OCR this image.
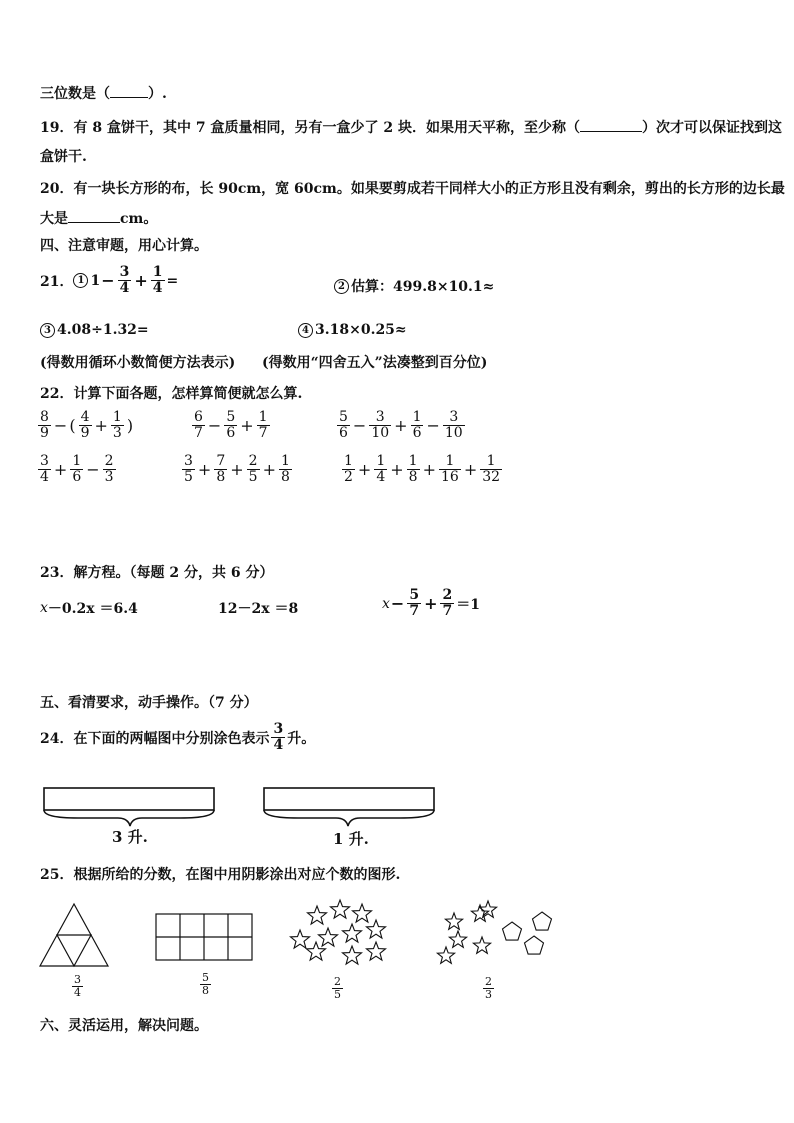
三位数是（	）.
19．有 8 盒饼干，其中 7 盒质量相同，另有一盒少了 2 块．如果用天平称，至少称（	）次才可以保证找到这
盒饼干.
20．有一块长方形的布，长 90cm，宽 60cm。如果要剪成若干同样大小的正方形且没有剩余，剪出的长方形的边长最
大是	cm。
四、注意审题，用心计算。
21． 1 $1 - \frac{3}{4} + \frac{1}{4}$ =	2 估算：499.8×10.1≈
3 4.08÷1.32=	4 3.18×0.25≈
(得数用循环小数简便方法表示) (得数用“四舍五入”法凑整到百分位)
22．计算下面各题，怎样算简便就怎么算.
$\frac{8}{9}$ − ( $\frac{4}{9} + \frac{1}{3}$ )	$\frac{6}{7} - \frac{5}{6} + \frac{1}{7}$	$\frac{5}{6} - \frac{3}{10} + \frac{1}{6} - \frac{3}{10}$
$\frac{3}{4} + \frac{1}{6} - \frac{2}{3}$	$\frac{3}{5} + \frac{7}{8} + \frac{2}{5} + \frac{1}{8}$	$\frac{1}{2} + \frac{1}{4} + \frac{1}{8} + \frac{1}{16} + \frac{1}{32}$
23．解方程。（每题 2 分，共 6 分）
x －0.2x ＝6.4	12－2x ＝8	$x - \frac{5}{7} + \frac{2}{7} =1$
五、看清要求，动手操作。（7 分）
24．在下面的两幅图中分别涂色表示 $\frac{3}{4}$ 升。
3 升.	1 升.
25．根据所给的分数，在图中用阴影涂出对应个数的图形.
$\frac{3}{4}$	$\frac{5}{8}$	$\frac{2}{5}$	$\frac{2}{3}$
六、灵活运用，解决问题。
